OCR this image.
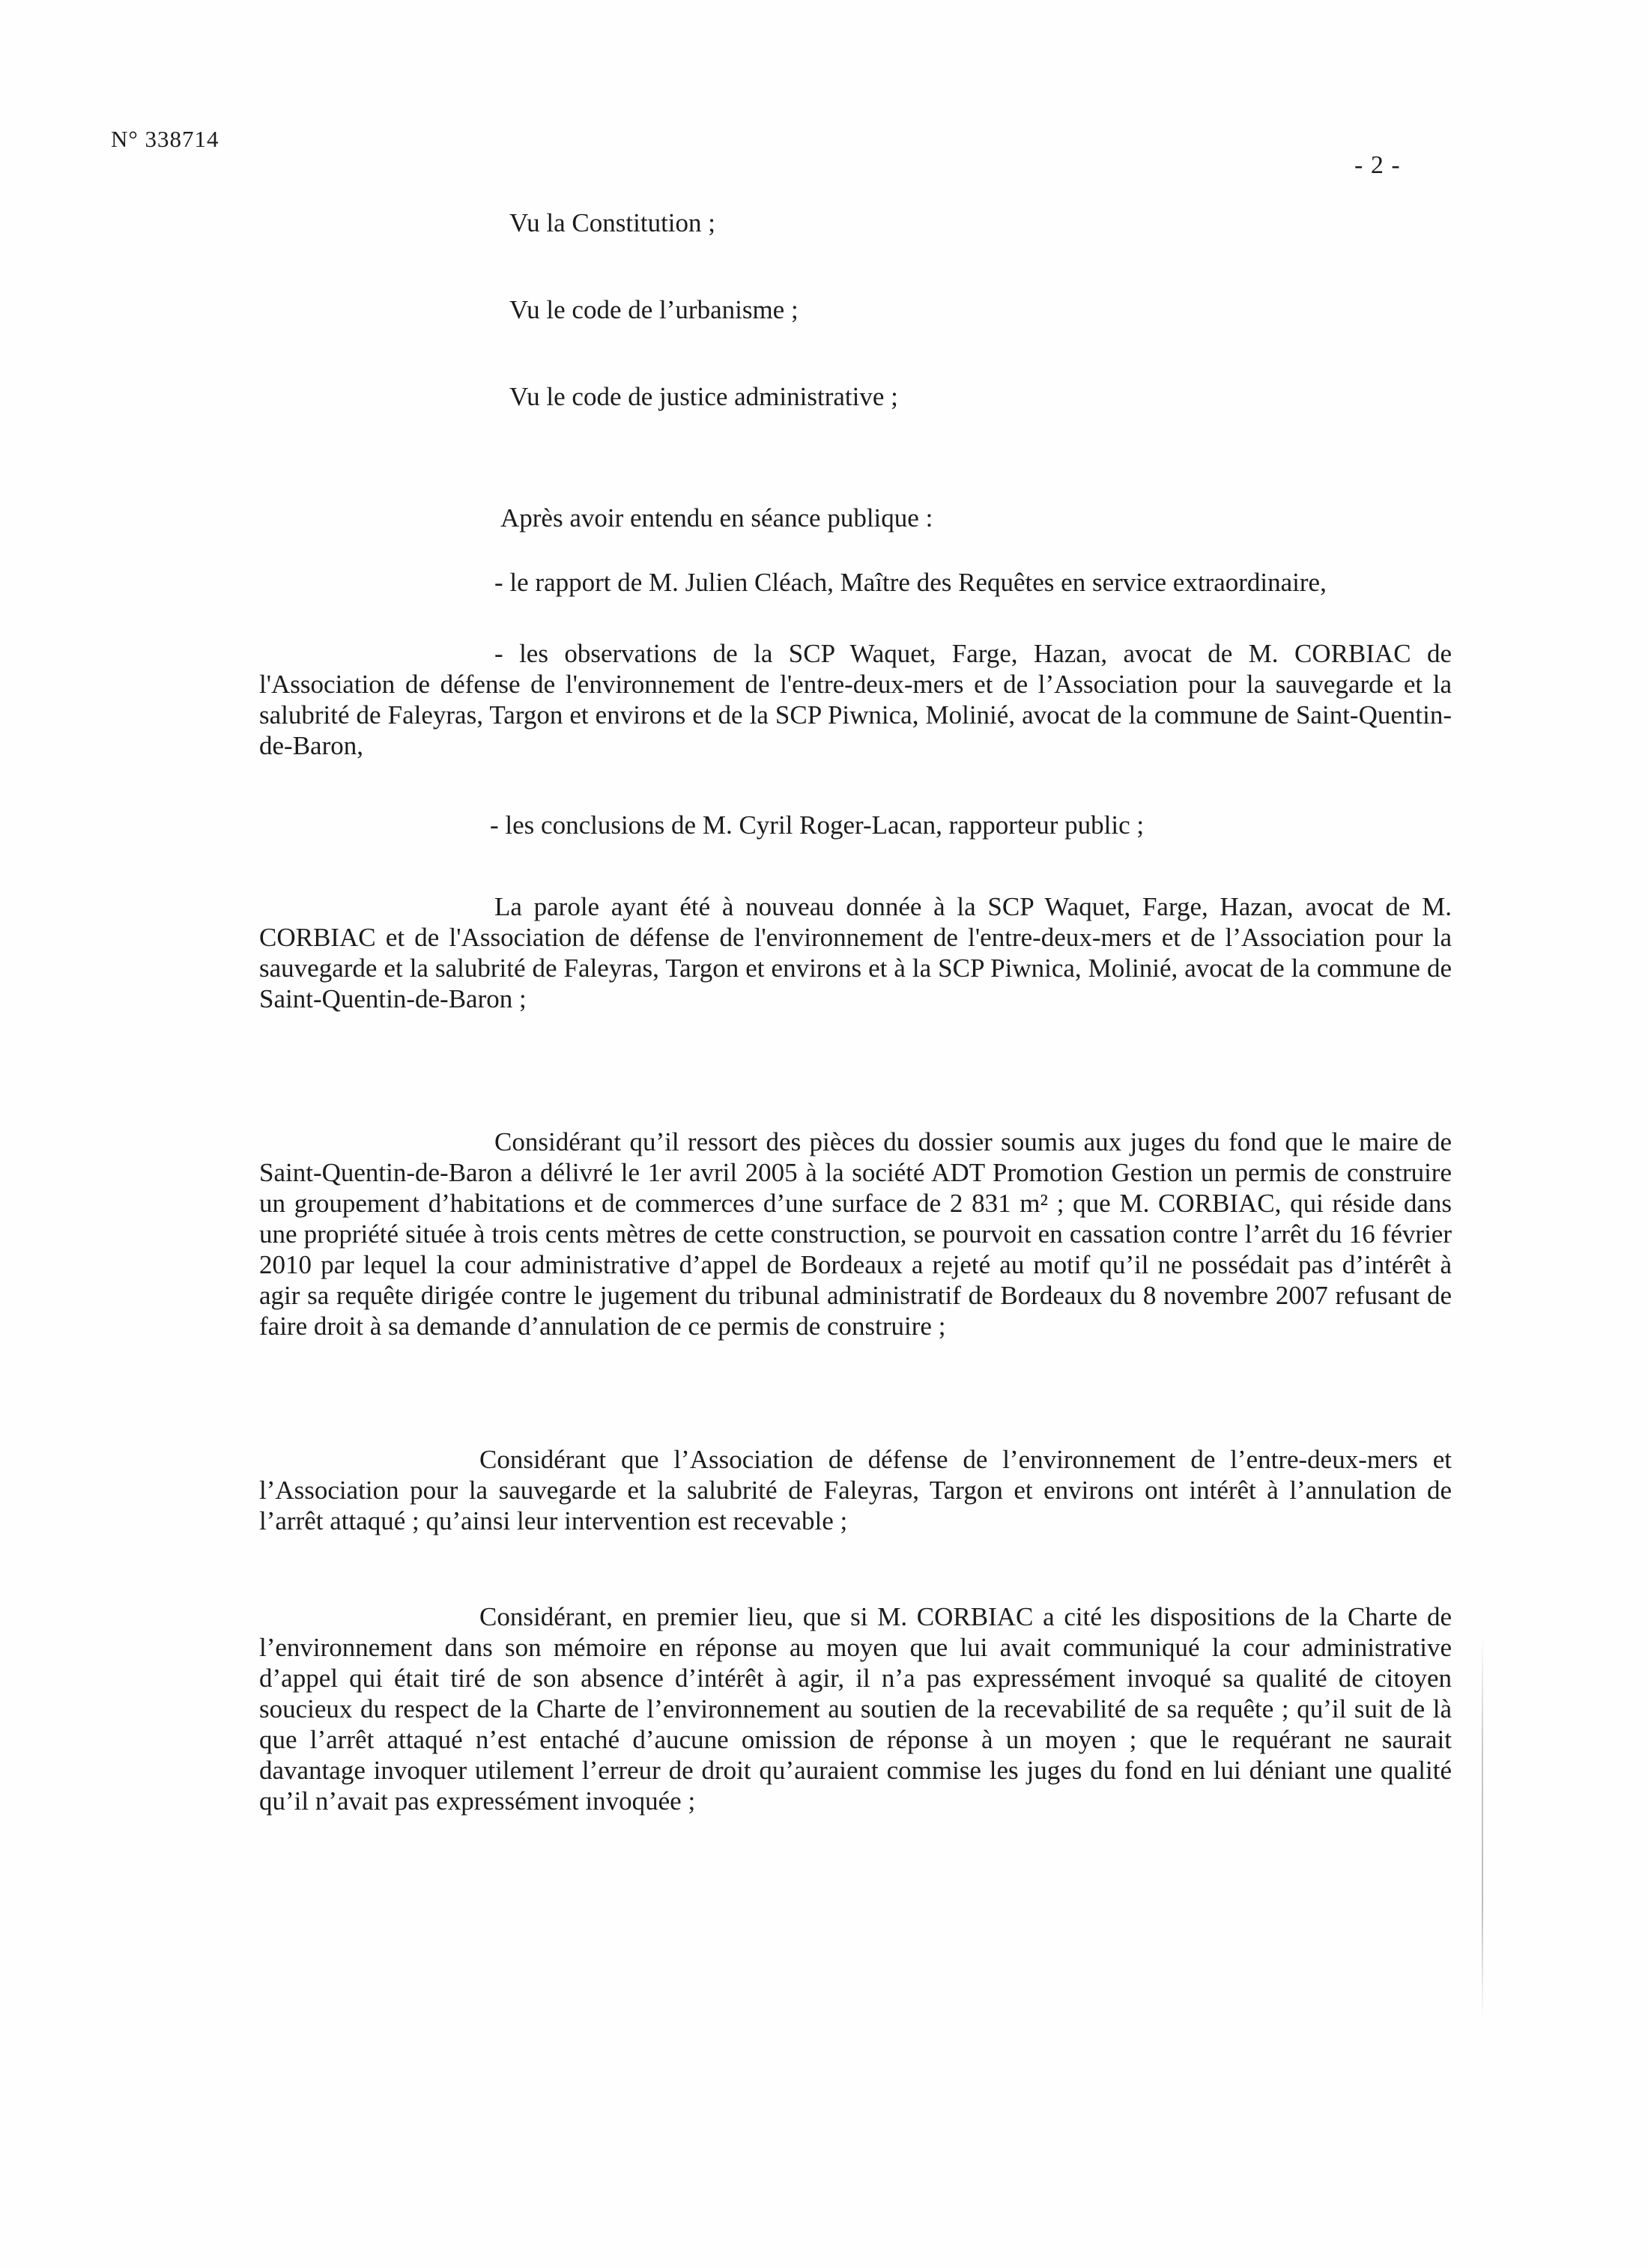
N° 338714
- 2 -
Vu la Constitution ;
Vu le code de l’urbanisme ;
Vu le code de justice administrative ;
Après avoir entendu en séance publique :
- le rapport de M. Julien Cléach, Maître des Requêtes en service extraordinaire,
- les observations de la SCP Waquet, Farge, Hazan, avocat de M. CORBIAC de l'Association de défense de l'environnement de l'entre-deux-mers et de l’Association pour la sauvegarde et la salubrité de Faleyras, Targon et environs et de la SCP Piwnica, Molinié, avocat de la commune de Saint-Quentin-de-Baron,
- les conclusions de M. Cyril Roger-Lacan, rapporteur public ;
La parole ayant été à nouveau donnée à la SCP Waquet, Farge, Hazan, avocat de M. CORBIAC et de l'Association de défense de l'environnement de l'entre-deux-mers et de l’Association pour la sauvegarde et la salubrité de Faleyras, Targon et environs et à la SCP Piwnica, Molinié, avocat de la commune de Saint-Quentin-de-Baron ;
Considérant qu’il ressort des pièces du dossier soumis aux juges du fond que le maire de Saint-Quentin-de-Baron a délivré le 1er avril 2005 à la société ADT Promotion Gestion un permis de construire un groupement d’habitations et de commerces d’une surface de 2 831 m² ; que M. CORBIAC, qui réside dans une propriété située à trois cents mètres de cette construction, se pourvoit en cassation contre l’arrêt du 16 février 2010 par lequel la cour administrative d’appel de Bordeaux a rejeté au motif qu’il ne possédait pas d’intérêt à agir sa requête dirigée contre le jugement du tribunal administratif de Bordeaux du 8 novembre 2007 refusant de faire droit à sa demande d’annulation de ce permis de construire ;
Considérant que l’Association de défense de l’environnement de l’entre-deux-mers et l’Association pour la sauvegarde et la salubrité de Faleyras, Targon et environs ont intérêt à l’annulation de l’arrêt attaqué ; qu’ainsi leur intervention est recevable ;
Considérant, en premier lieu, que si M. CORBIAC a cité les dispositions de la Charte de l’environnement dans son mémoire en réponse au moyen que lui avait communiqué la cour administrative d’appel qui était tiré de son absence d’intérêt à agir, il n’a pas expressément invoqué sa qualité de citoyen soucieux du respect de la Charte de l’environnement au soutien de la recevabilité de sa requête ; qu’il suit de là que l’arrêt attaqué n’est entaché d’aucune omission de réponse à un moyen ; que le requérant ne saurait davantage invoquer utilement l’erreur de droit qu’auraient commise les juges du fond en lui déniant une qualité qu’il n’avait pas expressément invoquée ;
